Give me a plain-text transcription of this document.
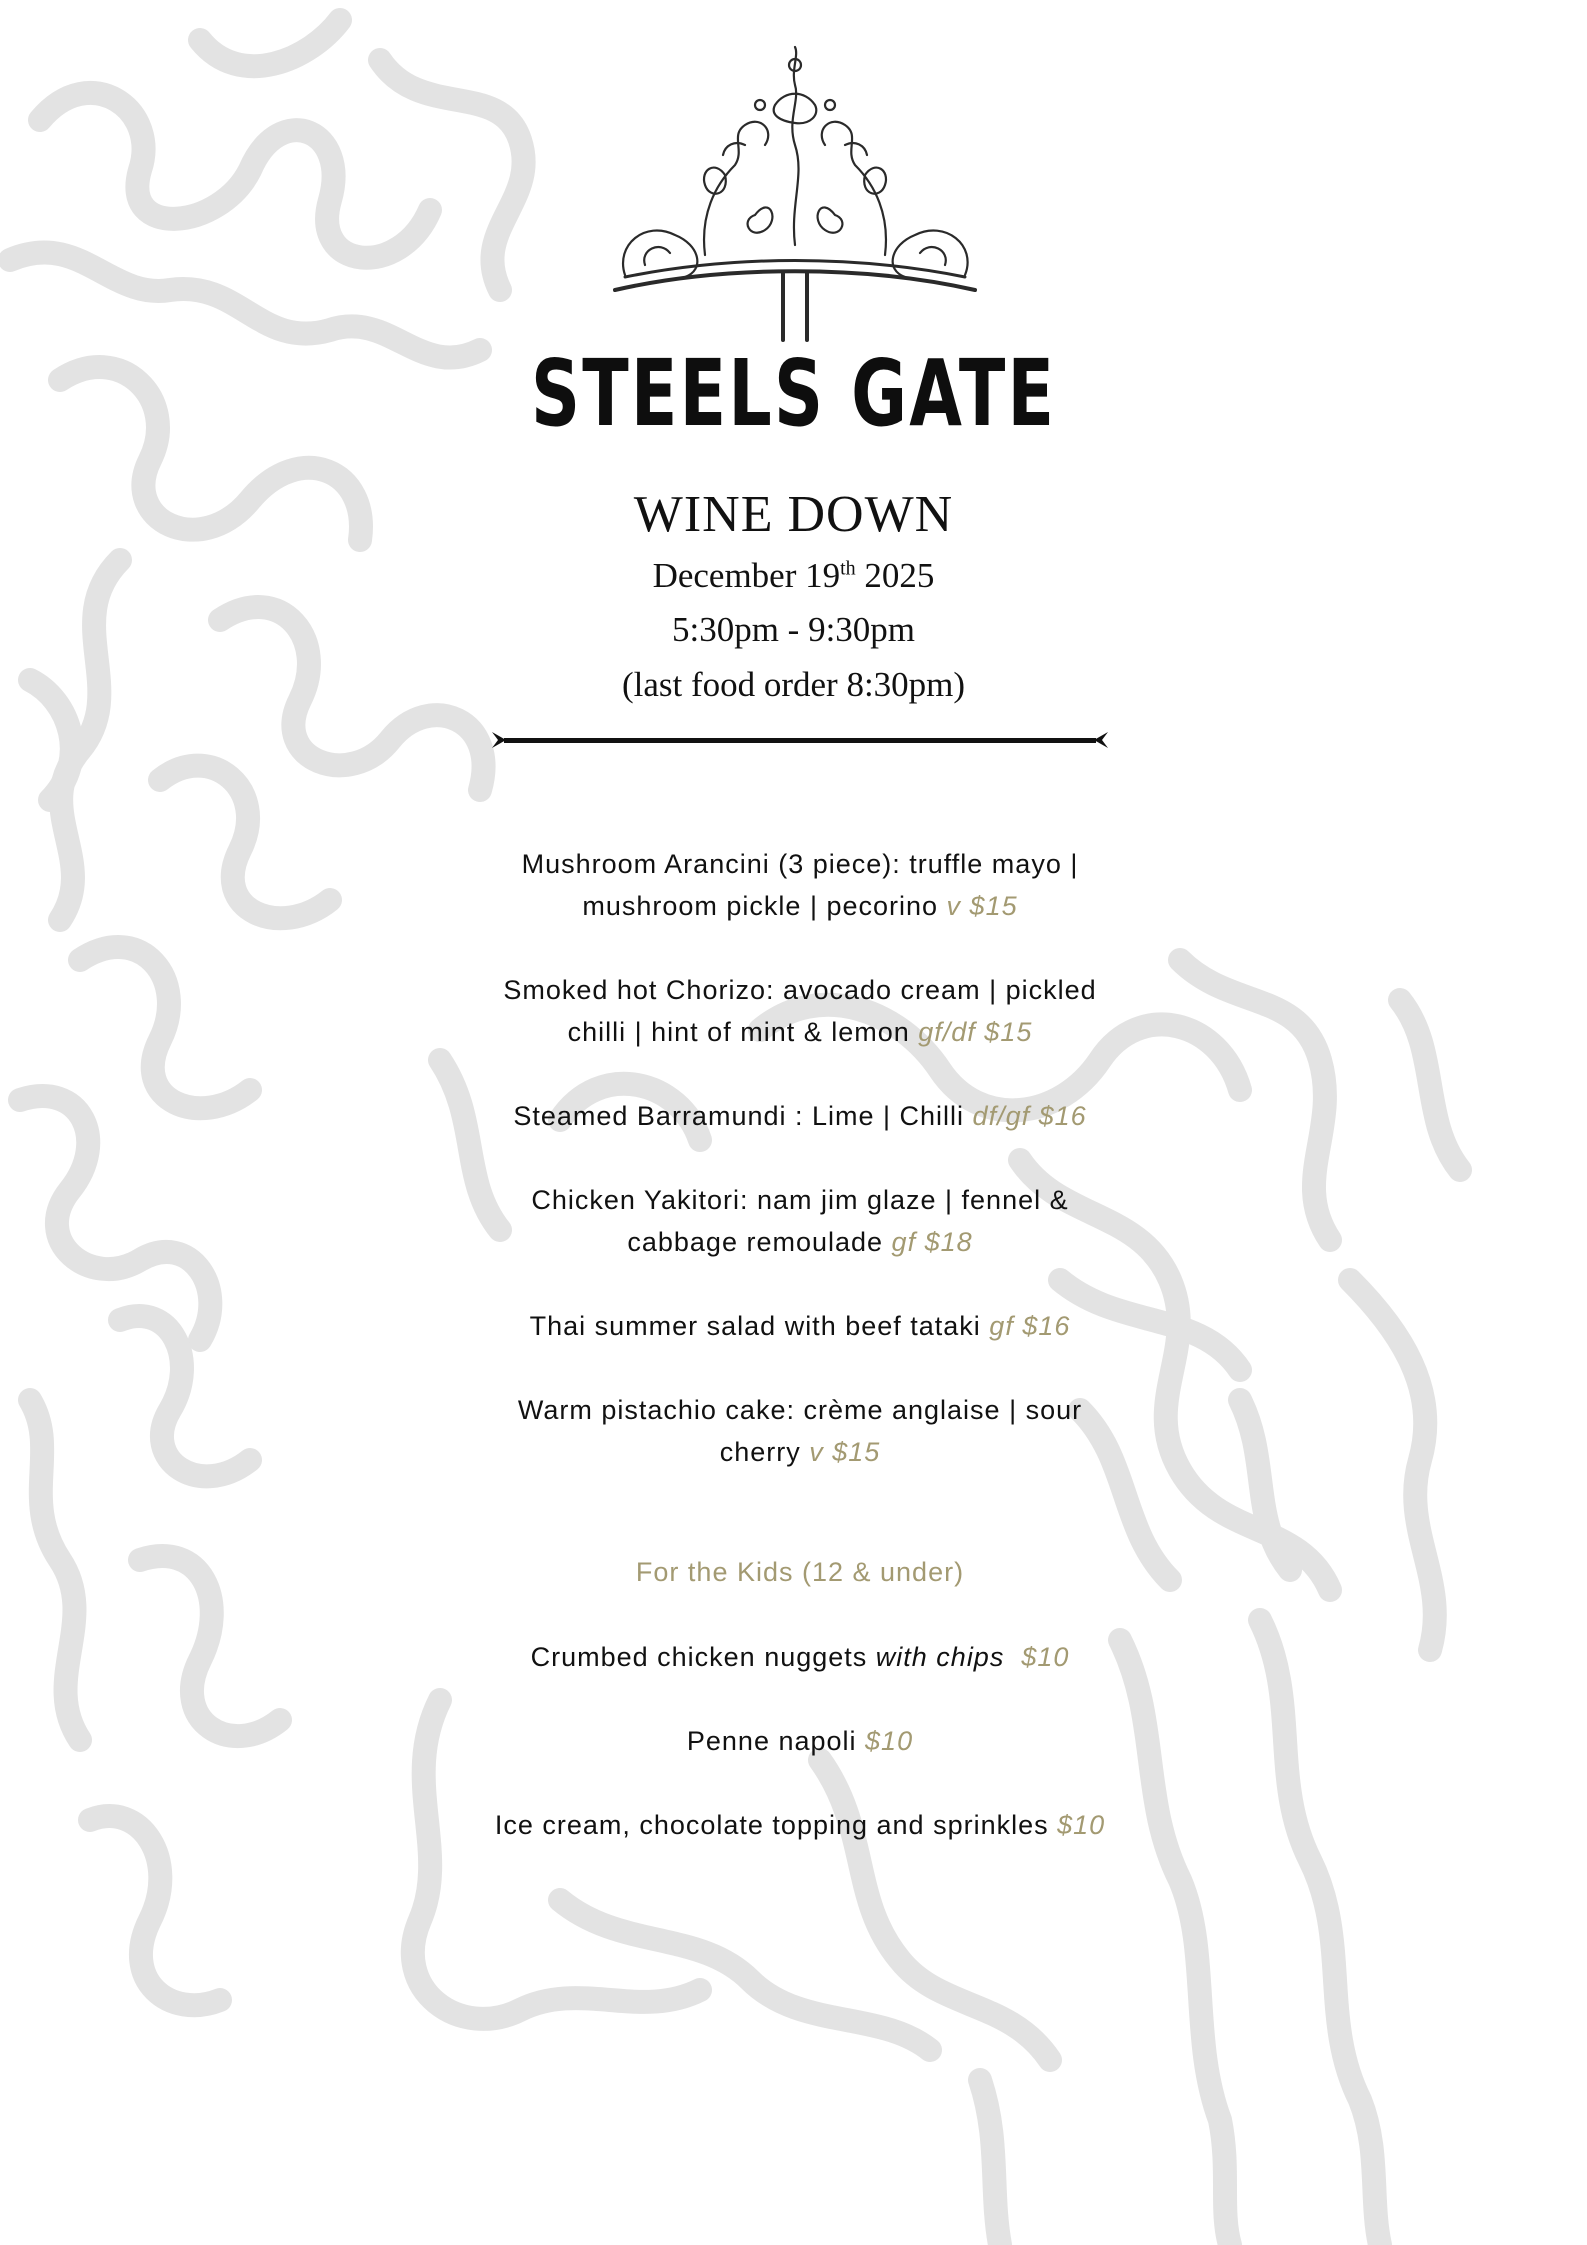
STEELS GATE
WINE DOWN
December 19th 2025
5:30pm - 9:30pm
(last food order 8:30pm)
Mushroom Arancini (3 piece): truffle mayo |
mushroom pickle | pecorino v $15
Smoked hot Chorizo: avocado cream | pickled
chilli | hint of mint & lemon gf/df $15
Steamed Barramundi : Lime | Chilli df/gf $16
Chicken Yakitori: nam jim glaze | fennel &
cabbage remoulade gf $18
Thai summer salad with beef tataki gf $16
Warm pistachio cake: crème anglaise | sour
cherry v $15
For the Kids (12 & under)
Crumbed chicken nuggets with chips $10
Penne napoli $10
Ice cream, chocolate topping and sprinkles $10
